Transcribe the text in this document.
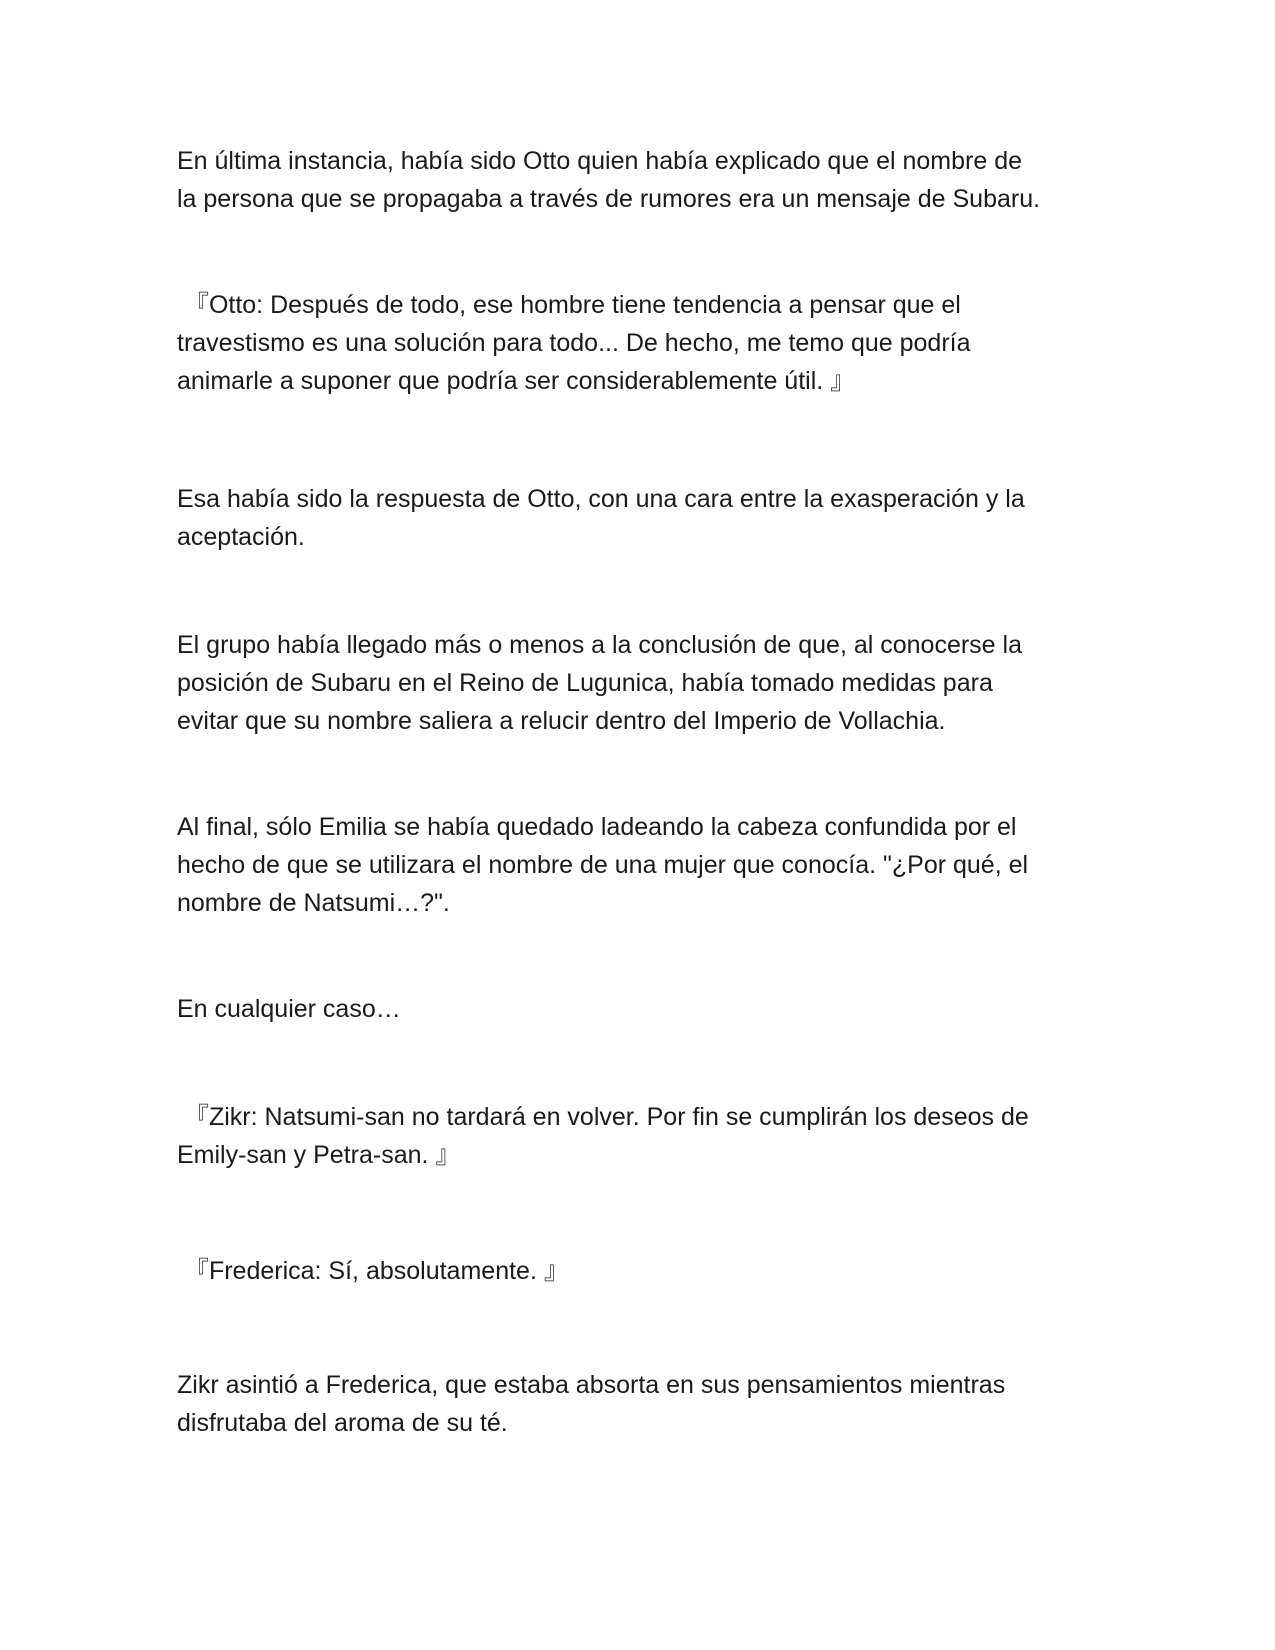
En última instancia, había sido Otto quien había explicado que el nombre de
la persona que se propagaba a través de rumores era un mensaje de Subaru.

『Otto: Después de todo, ese hombre tiene tendencia a pensar que el
travestismo es una solución para todo... De hecho, me temo que podría
animarle a suponer que podría ser considerablemente útil. 』

Esa había sido la respuesta de Otto, con una cara entre la exasperación y la
aceptación.

El grupo había llegado más o menos a la conclusión de que, al conocerse la
posición de Subaru en el Reino de Lugunica, había tomado medidas para
evitar que su nombre saliera a relucir dentro del Imperio de Vollachia.

Al final, sólo Emilia se había quedado ladeando la cabeza confundida por el
hecho de que se utilizara el nombre de una mujer que conocía. "¿Por qué, el
nombre de Natsumi…?".

En cualquier caso…

『Zikr: Natsumi-san no tardará en volver. Por fin se cumplirán los deseos de
Emily-san y Petra-san. 』

『Frederica: Sí, absolutamente. 』

Zikr asintió a Frederica, que estaba absorta en sus pensamientos mientras
disfrutaba del aroma de su té.
